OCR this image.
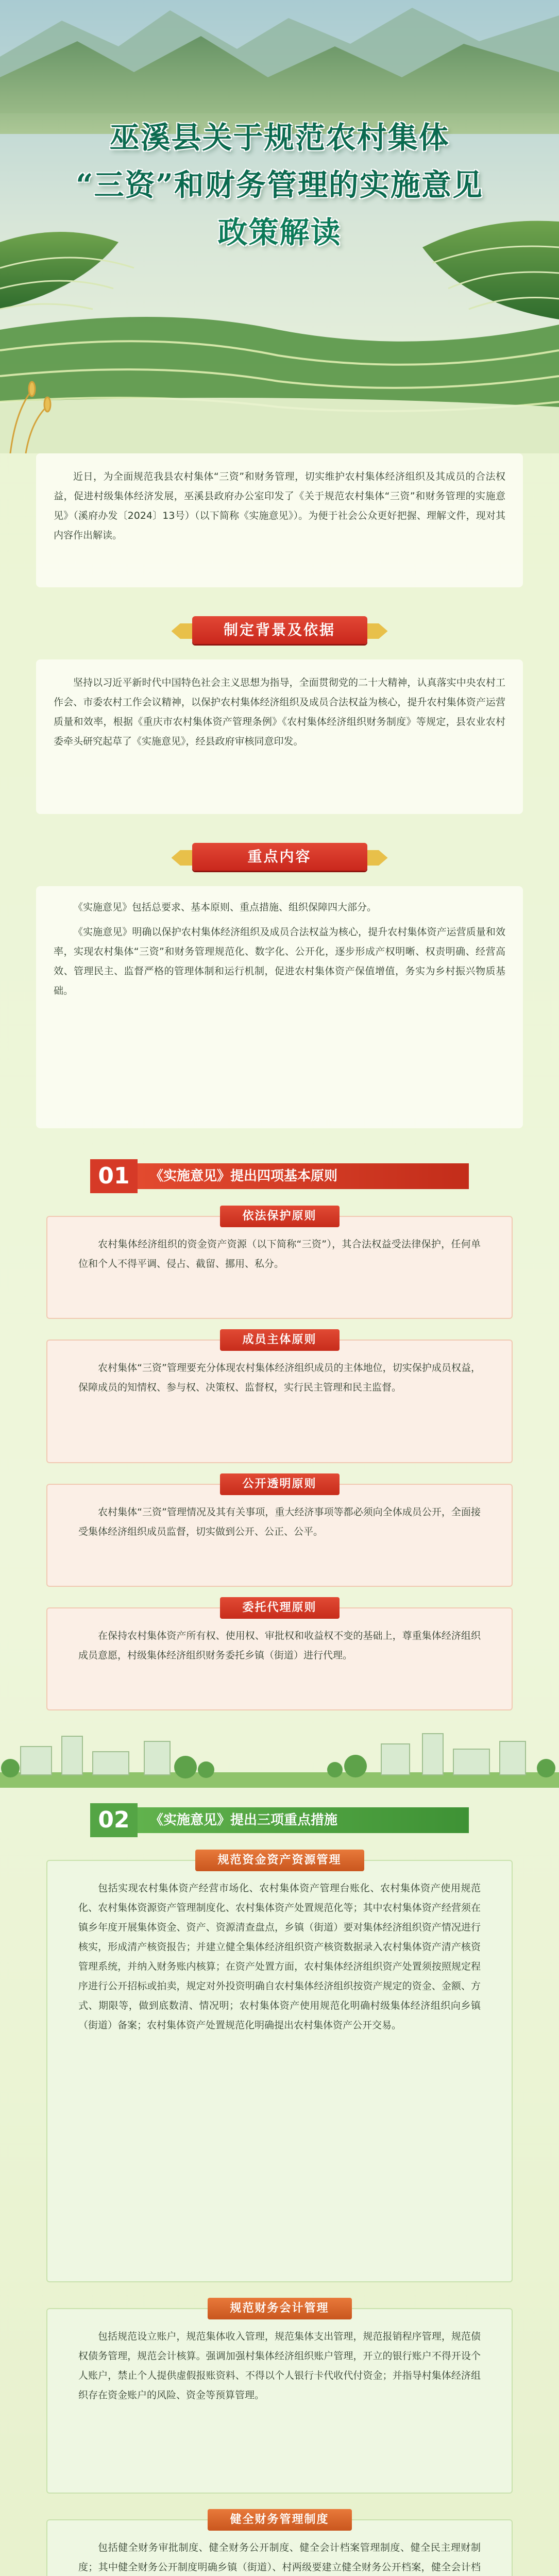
巫溪县关于规范农村集体
“三资”和财务管理的实施意见
政策解读

近日，为全面规范我县农村集体“三资”和财务管理，切实维护农村集体经济组织及其成员的合法权益，促进村级集体经济发展，巫溪县政府办公室印发了《关于规范农村集体“三资”和财务管理的实施意见》（溪府办发〔2024〕13号）（以下简称《实施意见》）。为便于社会公众更好把握、理解文件，现对其内容作出解读。

制定背景及依据

坚持以习近平新时代中国特色社会主义思想为指导，全面贯彻党的二十大精神，认真落实中央农村工作会、市委农村工作会议精神，以保护农村集体经济组织及成员合法权益为核心，提升农村集体资产运营质量和效率，根据《重庆市农村集体资产管理条例》《农村集体经济组织财务制度》等规定，县农业农村委牵头研究起草了《实施意见》，经县政府审核同意印发。

重点内容

《实施意见》包括总要求、基本原则、重点措施、组织保障四大部分。

《实施意见》明确以保护农村集体经济组织及成员合法权益为核心，提升农村集体资产运营质量和效率，实现农村集体“三资”和财务管理规范化、数字化、公开化，逐步形成产权明晰、权责明确、经营高效、管理民主、监督严格的管理体制和运行机制，促进农村集体资产保值增值，务实为乡村振兴物质基础。

01	《实施意见》提出四项基本原则
依法保护原则

农村集体经济组织的资金资产资源（以下简称“三资”），其合法权益受法律保护，任何单位和个人不得平调、侵占、截留、挪用、私分。

成员主体原则

农村集体“三资”管理要充分体现农村集体经济组织成员的主体地位，切实保护成员权益，保障成员的知情权、参与权、决策权、监督权，实行民主管理和民主监督。

公开透明原则

农村集体“三资”管理情况及其有关事项，重大经济事项等都必须向全体成员公开，全面接受集体经济组织成员监督，切实做到公开、公正、公平。

委托代理原则

在保持农村集体资产所有权、使用权、审批权和收益权不变的基础上，尊重集体经济组织成员意愿，村级集体经济组织财务委托乡镇（街道）进行代理。

02	《实施意见》提出三项重点措施
规范资金资产资源管理

包括实现农村集体资产经营市场化、农村集体资产管理台账化、农村集体资产使用规范化、农村集体资源资产管理制度化、农村集体资产处置规范化等；其中农村集体资产经营须在镇乡年度开展集体资金、资产、资源清查盘点，乡镇（街道）要对集体经济组织资产情况进行核实，形成清产核资报告；并建立健全集体经济组织资产核资数据录入农村集体资产清产核资管理系统，并纳入财务账内核算；在资产处置方面，农村集体经济组织资产处置须按照规定程序进行公开招标或拍卖，规定对外投资明确自农村集体经济组织按资产规定的资金、金额、方式、期限等，做到底数清、情况明；农村集体资产使用规范化明确村级集体经济组织向乡镇（街道）备案；农村集体资产处置规范化明确提出农村集体资产公开交易。

规范财务会计管理

包括规范设立账户，规范集体收入管理，规范集体支出管理，规范报销程序管理，规范债权债务管理，规范会计核算。强调加强村集体经济组织账户管理，开立的银行账户不得开设个人账户，禁止个人提供虚假报账资料、不得以个人银行卡代收代付资金；并指导村集体经济组织存在资金账户的风险、资金等预算管理。

健全财务管理制度

包括健全财务审批制度、健全财务公开制度、健全会计档案管理制度、健全民主理财制度；其中健全财务公开制度明确乡镇（街道）、村两级要建立健全财务公开档案，健全会计档
